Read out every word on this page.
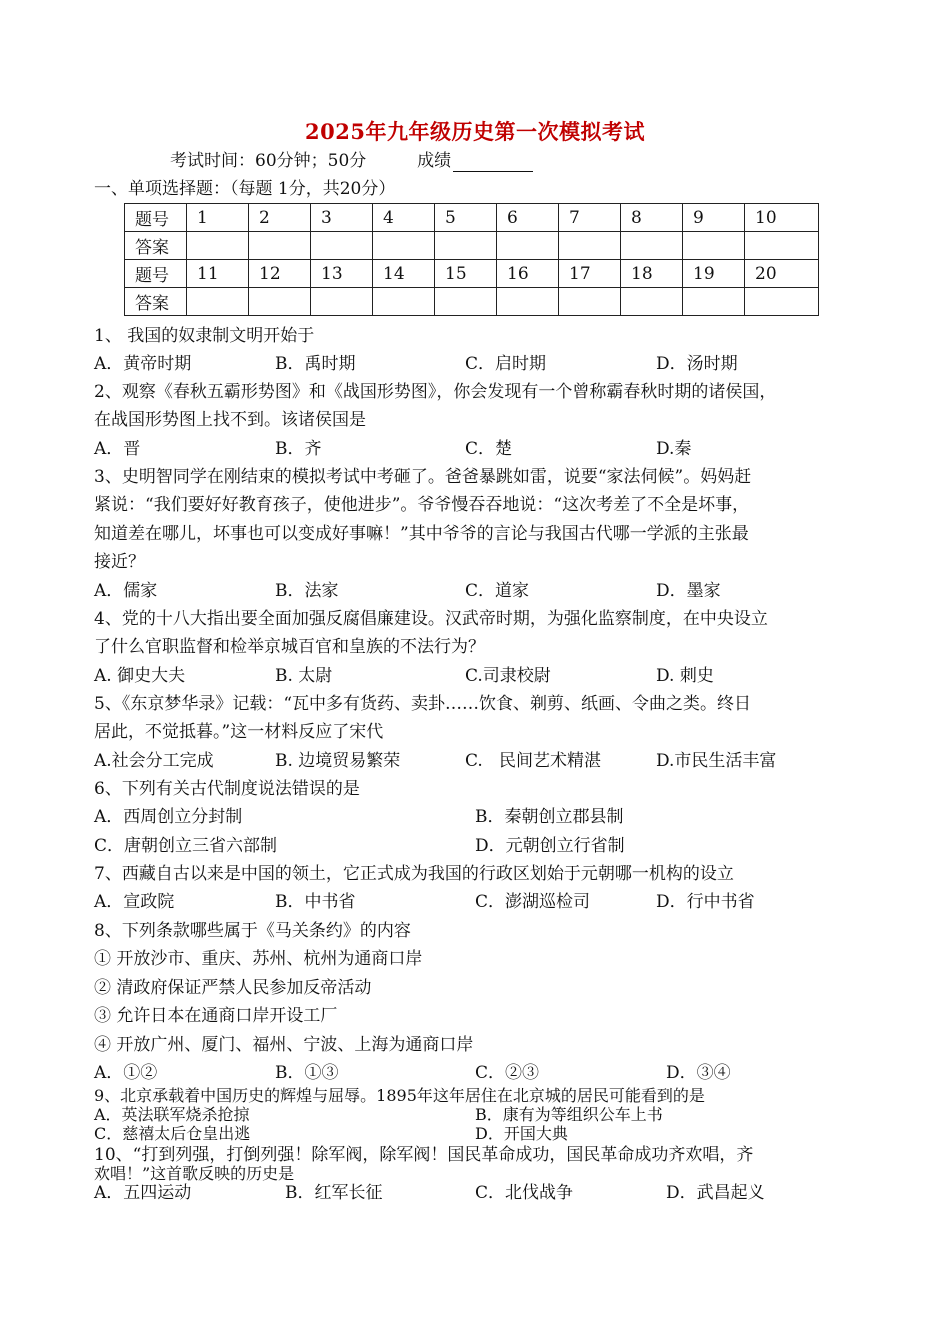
2025年九年级历史第一次模拟考试
考试时间：60分钟；50分	成绩
一、单项选择题：（每题 1分，共20分）
题号	1	2	3	4	5	6	7	8	9	10
答案										
题号	11	12	13	14	15	16	17	18	19	20
答案										
1、 我国的奴隶制文明开始于
A．黄帝时期	B．禹时期	C．启时期	D．汤时期
2、观察《春秋五霸形势图》和《战国形势图》，你会发现有一个曾称霸春秋时期的诸侯国，
在战国形势图上找不到。该诸侯国是
A．晋	B．齐	C．楚	D.秦
3、史明智同学在刚结束的模拟考试中考砸了。爸爸暴跳如雷，说要“家法伺候”。妈妈赶
紧说：“我们要好好教育孩子，使他进步”。爷爷慢吞吞地说：“这次考差了不全是坏事，
知道差在哪儿，坏事也可以变成好事嘛！”其中爷爷的言论与我国古代哪一学派的主张最
接近？
A．儒家	B．法家	C．道家	D．墨家
4、党的十八大指出要全面加强反腐倡廉建设。汉武帝时期，为强化监察制度，在中央设立
了什么官职监督和检举京城百官和皇族的不法行为？
A. 御史大夫	B. 太尉	C.司隶校尉	D. 刺史
5、《东京梦华录》记载：“瓦中多有货药、卖卦……饮食、剃剪、纸画、令曲之类。终日
居此，不觉抵暮。”这一材料反应了宋代
A.社会分工完成	B. 边境贸易繁荣	C.   民间艺术精湛	D.市民生活丰富
6、下列有关古代制度说法错误的是
A．西周创立分封制	B．秦朝创立郡县制
C．唐朝创立三省六部制	D．元朝创立行省制
7、西藏自古以来是中国的领土，它正式成为我国的行政区划始于元朝哪一机构的设立
A．宣政院	B．中书省	C．澎湖巡检司	D．行中书省
8、下列条款哪些属于《马关条约》的内容
① 开放沙市、重庆、苏州、杭州为通商口岸
② 清政府保证严禁人民参加反帝活动
③ 允许日本在通商口岸开设工厂
④ 开放广州、厦门、福州、宁波、上海为通商口岸
A．①②	B．①③	C．②③	D．③④
9、北京承载着中国历史的辉煌与屈辱。1895年这年居住在北京城的居民可能看到的是
A．英法联军烧杀抢掠	B．康有为等组织公车上书
C．慈禧太后仓皇出逃	D．开国大典
10、“打到列强，打倒列强！除军阀，除军阀！国民革命成功，国民革命成功齐欢唱，齐
欢唱！”这首歌反映的历史是
A．五四运动	B．红军长征	C．北伐战争	D．武昌起义
